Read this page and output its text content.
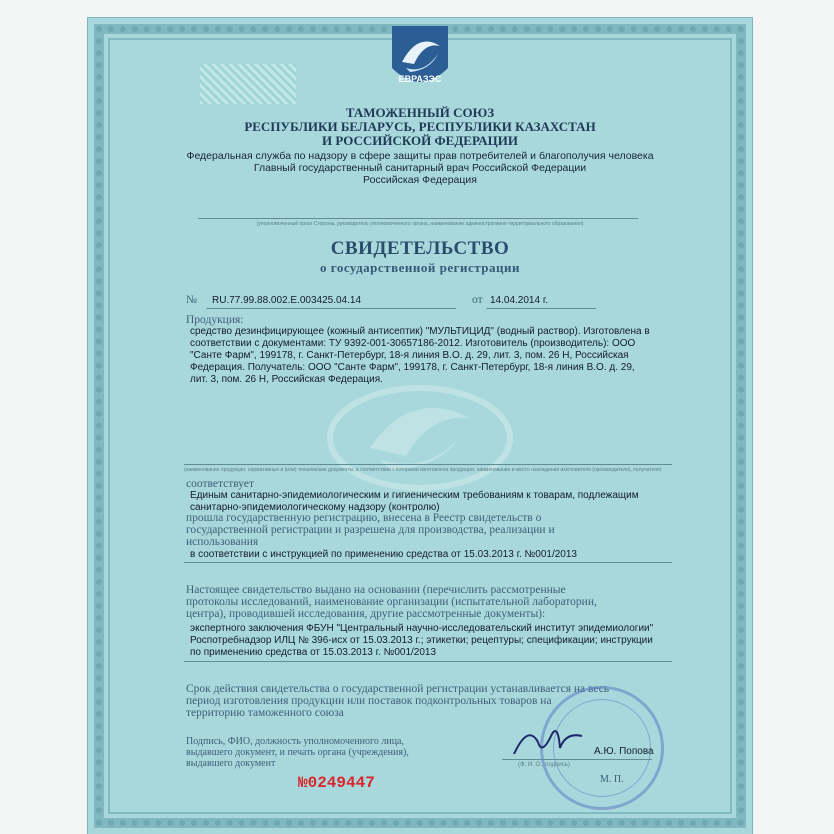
ЕВРАЗЭС
ТАМОЖЕННЫЙ СОЮЗ
РЕСПУБЛИКИ БЕЛАРУСЬ, РЕСПУБЛИКИ КАЗАХСТАН
И РОССИЙСКОЙ ФЕДЕРАЦИИ
Федеральная служба по надзору в сфере защиты прав потребителей и благополучия человека
Главный государственный санитарный врач Российской Федерации
Российская Федерация
(уполномоченный орган Стороны, руководитель уполномоченного органа, наименование административно-территориального образования)
СВИДЕТЕЛЬСТВО
о государственной регистрации
№ RU.77.99.88.002.Е.003425.04.14	от 14.04.2014 г.
Продукция:
средство дезинфицирующее (кожный антисептик) "МУЛЬТИЦИД" (водный раствор). Изготовлена в
соответствии с документами: ТУ 9392-001-30657186-2012. Изготовитель (производитель): ООО
"Санте Фарм", 199178, г. Санкт-Петербург, 18-я линия В.О. д. 29, лит. 3, пом. 26 Н, Российская
Федерация. Получатель: ООО "Санте Фарм", 199178, г. Санкт-Петербург, 18-я линия В.О. д. 29,
лит. 3, пом. 26 Н, Российская Федерация.
(наименование продукции, нормативные и (или) технические документы, в соответствии с которыми изготовлена продукция, наименование и место нахождения изготовителя (производителя), получателя)
соответствует
Единым санитарно-эпидемиологическим и гигиеническим требованиям к товарам, подлежащим
санитарно-эпидемиологическому надзору (контролю)
прошла государственную регистрацию, внесена в Реестр свидетельств о
государственной регистрации и разрешена для производства, реализации и
использования
в соответствии с инструкцией по применению средства от 15.03.2013 г. №001/2013
Настоящее свидетельство выдано на основании (перечислить рассмотренные
протоколы исследований, наименование организации (испытательной лаборатории,
центра), проводившей исследования, другие рассмотренные документы):
экспертного заключения ФБУН "Центральный научно-исследовательский институт эпидемиологии"
Роспотребнадзор ИЛЦ № 396-исх от 15.03.2013 г.; этикетки; рецептуры; спецификации; инструкции
по применению средства от 15.03.2013 г. №001/2013
Срок действия свидетельства о государственной регистрации устанавливается на весь
период изготовления продукции или поставок подконтрольных товаров на
территорию таможенного союза
Подпись, ФИО, должность уполномоченного лица,
выдавшего документ, и печать органа (учреждения),
выдавшего документ
А.Ю. Попова
(Ф. И. О., подпись)
М. П.
№0249447
